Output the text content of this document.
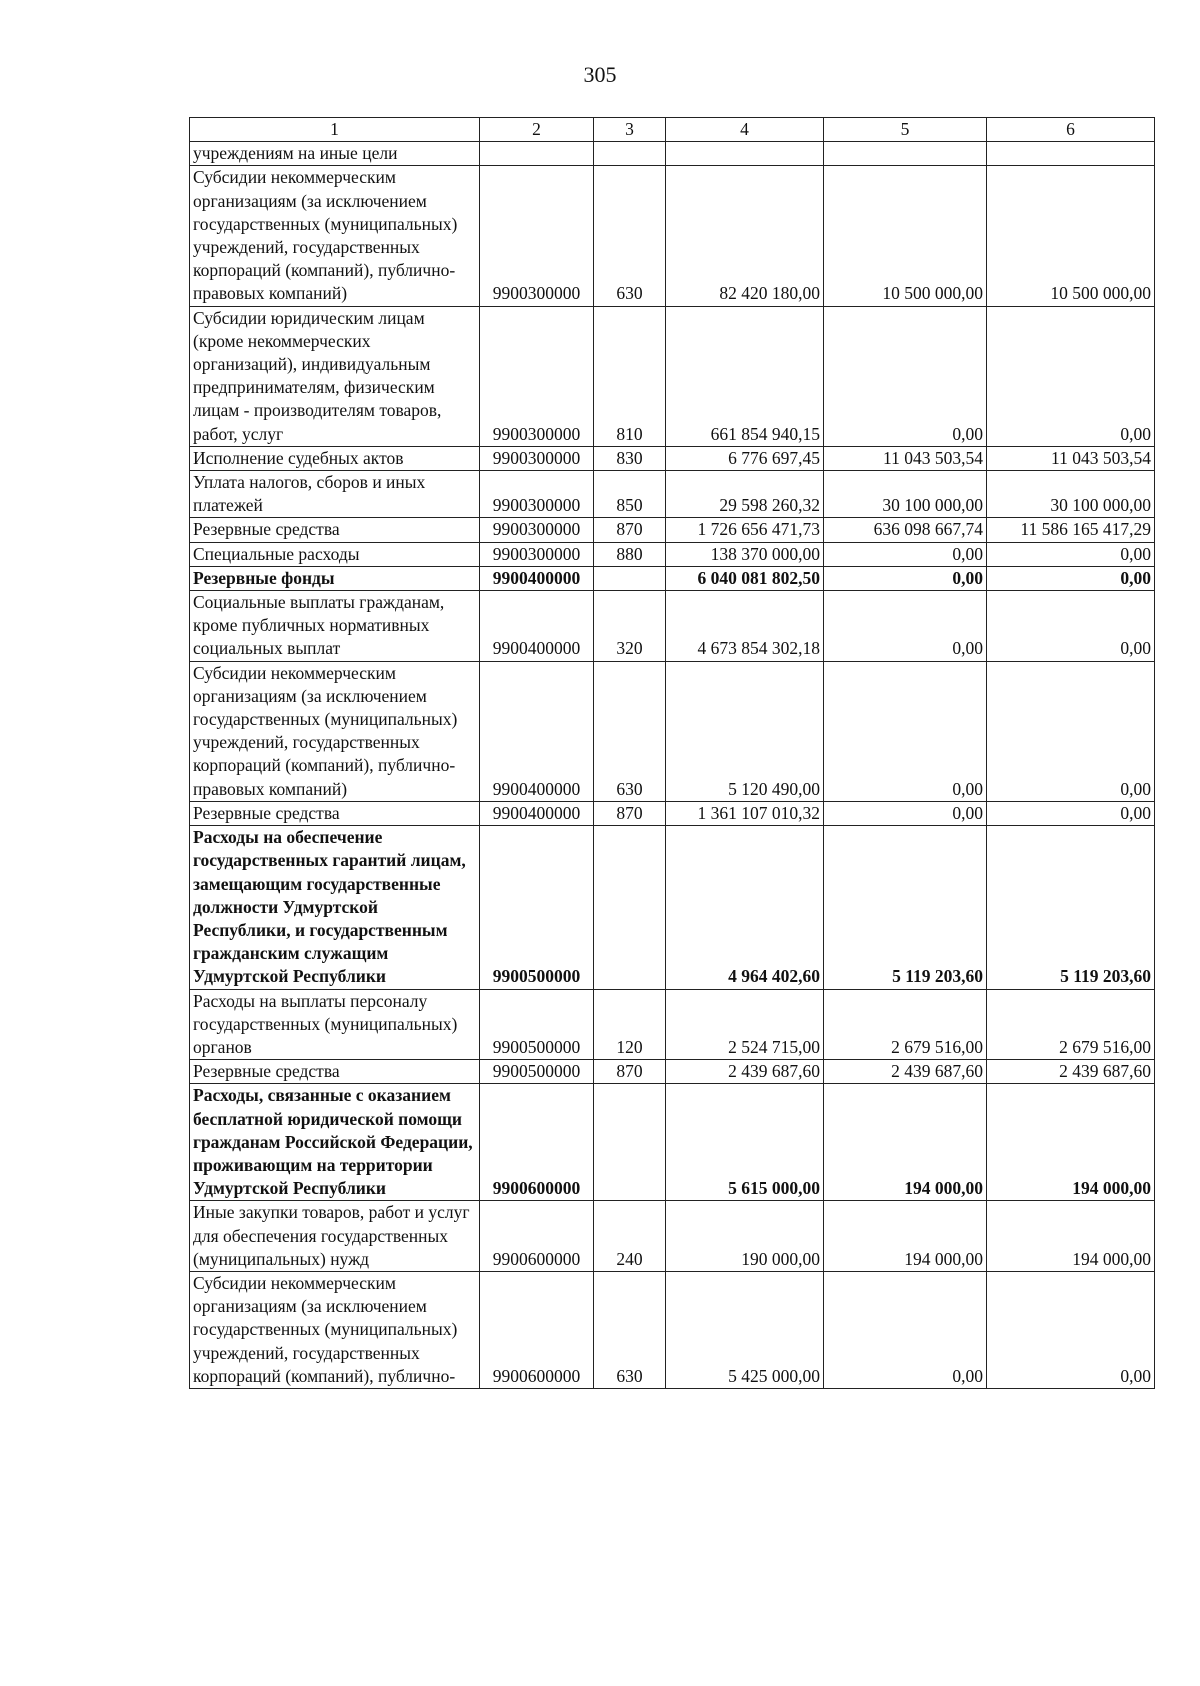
305
1	2	3	4	5	6
учреждениям на иные цели					
Субсидии некоммерческим организациям (за исключением государственных (муниципальных) учреждений, государственных корпораций (компаний), публично-правовых компаний)	9900300000	630	82 420 180,00	10 500 000,00	10 500 000,00
Субсидии юридическим лицам (кроме некоммерческих организаций), индивидуальным предпринимателям, физическим лицам - производителям товаров, работ, услуг	9900300000	810	661 854 940,15	0,00	0,00
Исполнение судебных актов	9900300000	830	6 776 697,45	11 043 503,54	11 043 503,54
Уплата налогов, сборов и иных платежей	9900300000	850	29 598 260,32	30 100 000,00	30 100 000,00
Резервные средства	9900300000	870	1 726 656 471,73	636 098 667,74	11 586 165 417,29
Специальные расходы	9900300000	880	138 370 000,00	0,00	0,00
Резервные фонды	9900400000		6 040 081 802,50	0,00	0,00
Социальные выплаты гражданам, кроме публичных нормативных социальных выплат	9900400000	320	4 673 854 302,18	0,00	0,00
Субсидии некоммерческим организациям (за исключением государственных (муниципальных) учреждений, государственных корпораций (компаний), публично-правовых компаний)	9900400000	630	5 120 490,00	0,00	0,00
Резервные средства	9900400000	870	1 361 107 010,32	0,00	0,00
Расходы на обеспечение государственных гарантий лицам, замещающим государственные должности Удмуртской Республики, и государственным гражданским служащим Удмуртской Республики	9900500000		4 964 402,60	5 119 203,60	5 119 203,60
Расходы на выплаты персоналу государственных (муниципальных) органов	9900500000	120	2 524 715,00	2 679 516,00	2 679 516,00
Резервные средства	9900500000	870	2 439 687,60	2 439 687,60	2 439 687,60
Расходы, связанные с оказанием бесплатной юридической помощи гражданам Российской Федерации, проживающим на территории Удмуртской Республики	9900600000		5 615 000,00	194 000,00	194 000,00
Иные закупки товаров, работ и услуг для обеспечения государственных (муниципальных) нужд	9900600000	240	190 000,00	194 000,00	194 000,00
Субсидии некоммерческим организациям (за исключением государственных (муниципальных) учреждений, государственных корпораций (компаний), публично-	9900600000	630	5 425 000,00	0,00	0,00
